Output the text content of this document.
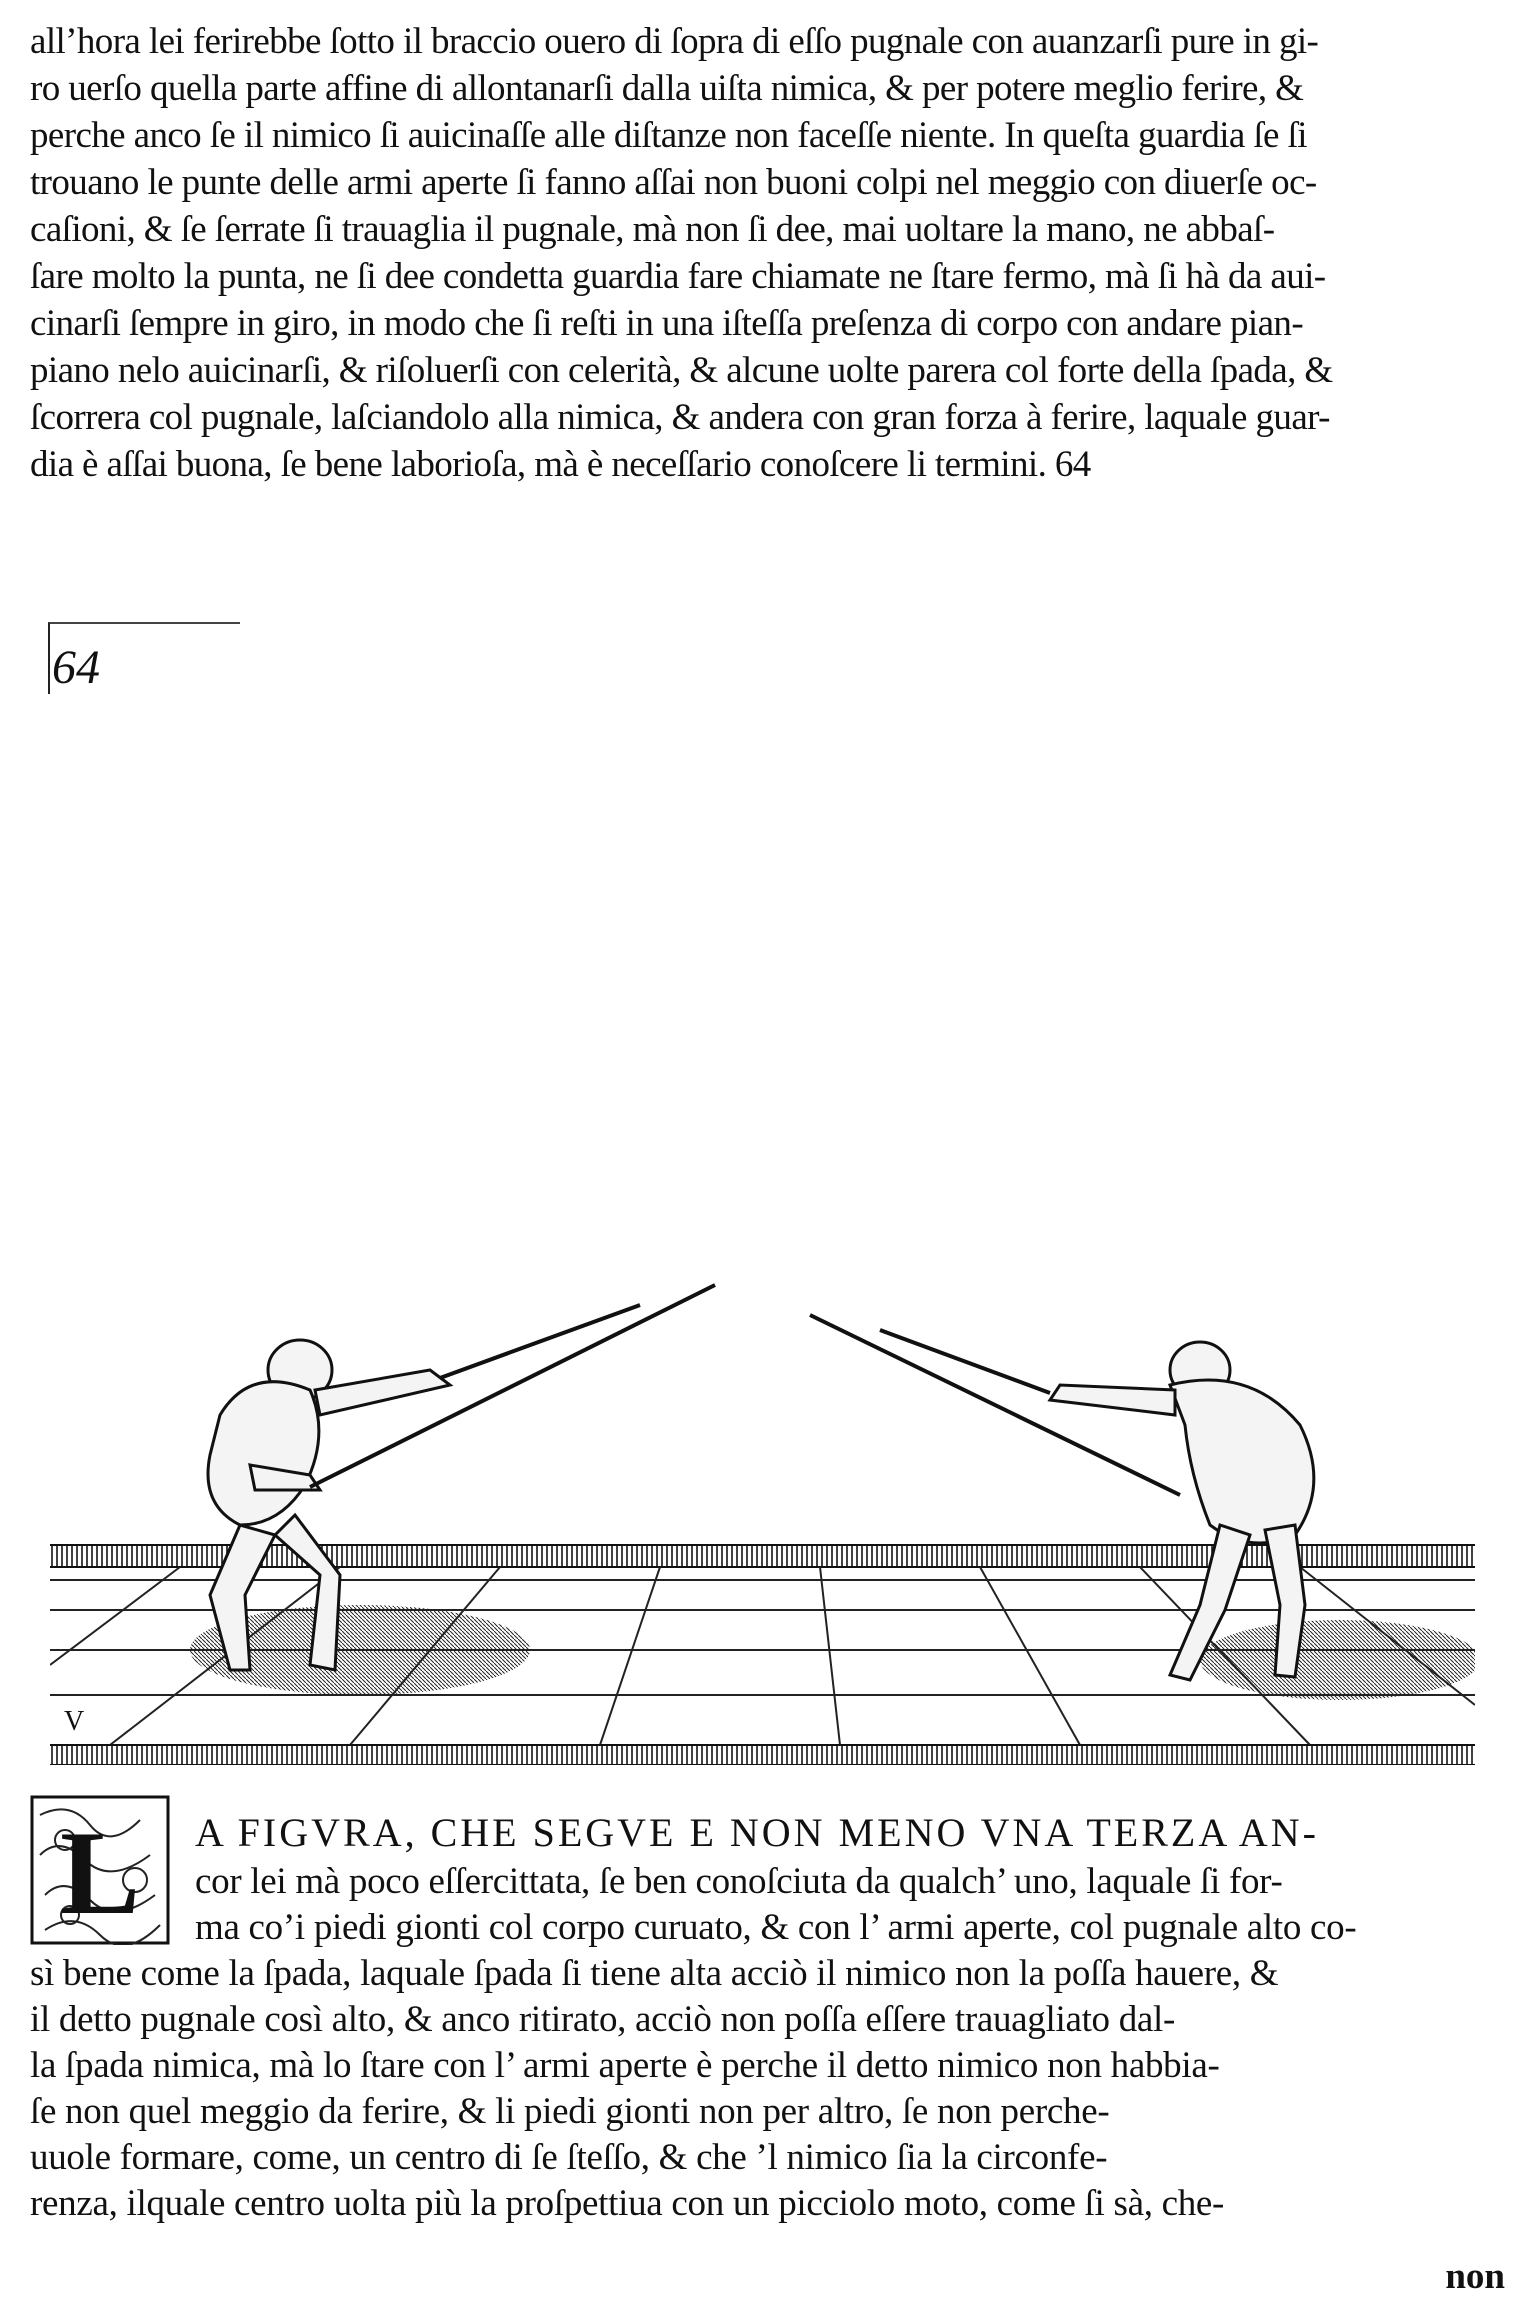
all’hora lei ferirebbe ſotto il braccio ouero di ſopra di eſſo pugnale con auanzarſi pure in gi-
ro uerſo quella parte affine di allontanarſi dalla uiſta nimica, & per potere meglio ferire, &
perche anco ſe il nimico ſi auicinaſſe alle diſtanze non faceſſe niente. In queſta guardia ſe ſi
trouano le punte delle armi aperte ſi fanno aſſai non buoni colpi nel meggio con diuerſe oc-
caſioni, & ſe ſerrate ſi trauaglia il pugnale, mà non ſi dee, mai uoltare la mano, ne abbaſ-
ſare molto la punta, ne ſi dee condetta guardia fare chiamate ne ſtare fermo, mà ſi hà da aui-
cinarſi ſempre in giro, in modo che ſi reſti in una iſteſſa preſenza di corpo con andare pian-
piano nelo auicinarſi, & riſoluerſi con celerità, & alcune uolte parera col forte della ſpada, &
ſcorrera col pugnale, laſciandolo alla nimica, & andera con gran forza à ferire, laquale guar-
dia è aſſai buona, ſe bene laborioſa, mà è neceſſario conoſcere li termini. 64
64
V
L A FIGVRA, CHE SEGVE E NON MENO VNA TERZA AN-
cor lei mà poco eſſercittata, ſe ben conoſciuta da qualch’ uno, laquale ſi for-
ma co’i piedi gionti col corpo curuato, & con l’ armi aperte, col pugnale alto co-
sì bene come la ſpada, laquale ſpada ſi tiene alta acciò il nimico non la poſſa hauere, &
il detto pugnale così alto, & anco ritirato, acciò non poſſa eſſere trauagliato dal-
la ſpada nimica, mà lo ſtare con l’ armi aperte è perche il detto nimico non habbia-
ſe non quel meggio da ferire, & li piedi gionti non per altro, ſe non perche-
uuole formare, come, un centro di ſe ſteſſo, & che ’l nimico ſia la circonfe-
renza, ilquale centro uolta più la proſpettiua con un picciolo moto, come ſi sà, che-
non
